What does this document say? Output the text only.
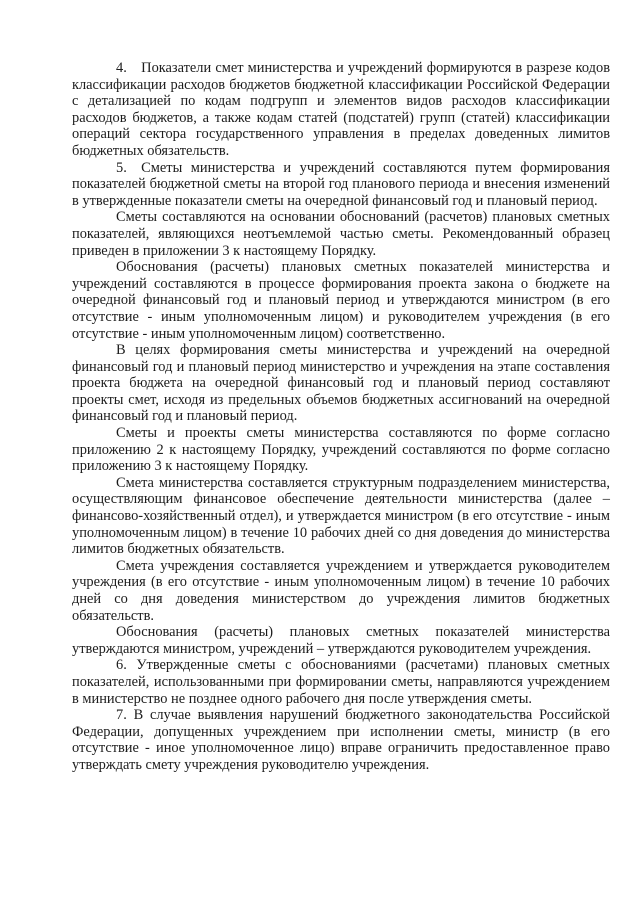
4. Показатели смет министерства и учреждений формируются в разрезе кодов классификации расходов бюджетов бюджетной классификации Российской Федерации с детализацией по кодам подгрупп и элементов видов расходов классификации расходов бюджетов, а также кодам статей (подстатей) групп (статей) классификации операций сектора государственного управления в пределах доведенных лимитов бюджетных обязательств.

5. Сметы министерства и учреждений составляются путем формирования показателей бюджетной сметы на второй год планового периода и внесения изменений в утвержденные показатели сметы на очередной финансовый год и плановый период.

Сметы составляются на основании обоснований (расчетов) плановых сметных показателей, являющихся неотъемлемой частью сметы. Рекомендованный образец приведен в приложении 3 к настоящему Порядку.

Обоснования (расчеты) плановых сметных показателей министерства и учреждений составляются в процессе формирования проекта закона о бюджете на очередной финансовый год и плановый период и утверждаются министром (в его отсутствие - иным уполномоченным лицом) и руководителем учреждения (в его отсутствие - иным уполномоченным лицом) соответственно.

В целях формирования сметы министерства и учреждений на очередной финансовый год и плановый период министерство и учреждения на этапе составления проекта бюджета на очередной финансовый год и плановый период составляют проекты смет, исходя из предельных объемов бюджетных ассигнований на очередной финансовый год и плановый период.

Сметы и проекты сметы министерства составляются по форме согласно приложению 2 к настоящему Порядку, учреждений составляются по форме согласно приложению 3 к настоящему Порядку.

Смета министерства составляется структурным подразделением министерства, осуществляющим финансовое обеспечение деятельности министерства (далее – финансово-хозяйственный отдел), и утверждается министром (в его отсутствие - иным уполномоченным лицом) в течение 10 рабочих дней со дня доведения до министерства лимитов бюджетных обязательств.

Смета учреждения составляется учреждением и утверждается руководителем учреждения (в его отсутствие - иным уполномоченным лицом) в течение 10 рабочих дней со дня доведения министерством до учреждения лимитов бюджетных обязательств.

Обоснования (расчеты) плановых сметных показателей министерства утверждаются министром, учреждений – утверждаются руководителем учреждения.

6. Утвержденные сметы с обоснованиями (расчетами) плановых сметных показателей, использованными при формировании сметы, направляются учреждением в министерство не позднее одного рабочего дня после утверждения сметы.

7. В случае выявления нарушений бюджетного законодательства Российской Федерации, допущенных учреждением при исполнении сметы, министр (в его отсутствие - иное уполномоченное лицо) вправе ограничить предоставленное право утверждать смету учреждения руководителю учреждения.
